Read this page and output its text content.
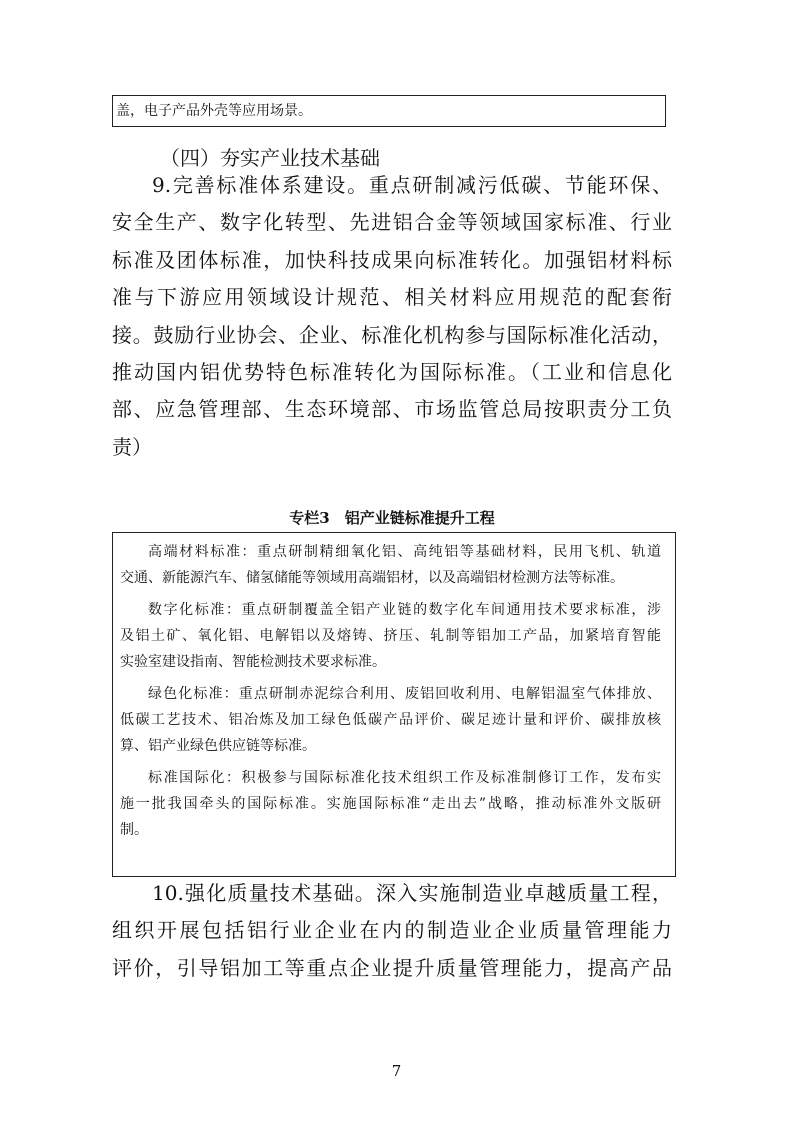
盖，电子产品外壳等应用场景。
（四）夯实产业技术基础
9.完善标准体系建设。重点研制减污低碳、节能环保、
安全生产、数字化转型、先进铝合金等领域国家标准、行业
标准及团体标准，加快科技成果向标准转化。加强铝材料标
准与下游应用领域设计规范、相关材料应用规范的配套衔
接。鼓励行业协会、企业、标准化机构参与国际标准化活动，
推动国内铝优势特色标准转化为国际标准。（工业和信息化
部、应急管理部、生态环境部、市场监管总局按职责分工负
责）
专栏3　铝产业链标准提升工程

高端材料标准：重点研制精细氧化铝、高纯铝等基础材料，民用飞机、轨道
交通、新能源汽车、储氢储能等领域用高端铝材，以及高端铝材检测方法等标准。

数字化标准：重点研制覆盖全铝产业链的数字化车间通用技术要求标准，涉
及铝土矿、氧化铝、电解铝以及熔铸、挤压、轧制等铝加工产品，加紧培育智能
实验室建设指南、智能检测技术要求标准。

绿色化标准：重点研制赤泥综合利用、废铝回收利用、电解铝温室气体排放、
低碳工艺技术、铝冶炼及加工绿色低碳产品评价、碳足迹计量和评价、碳排放核
算、铝产业绿色供应链等标准。

标准国际化：积极参与国际标准化技术组织工作及标准制修订工作，发布实
施一批我国牵头的国际标准。实施国际标准“走出去”战略，推动标准外文版研
制。

10.强化质量技术基础。深入实施制造业卓越质量工程，
组织开展包括铝行业企业在内的制造业企业质量管理能力
评价，引导铝加工等重点企业提升质量管理能力，提高产品
7
